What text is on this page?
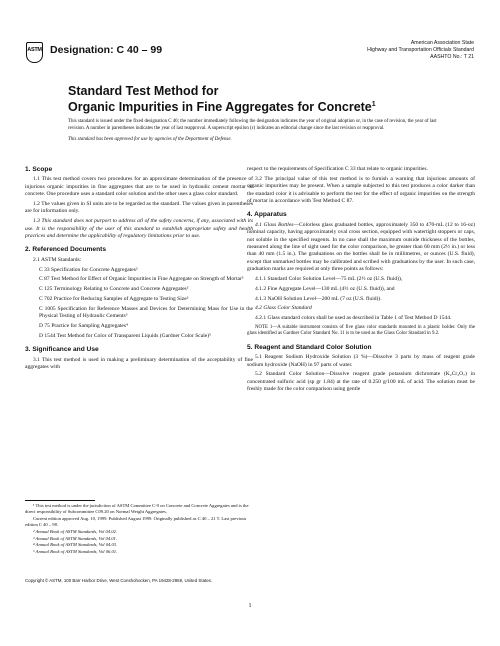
ASTM Designation: C 40 – 99
American Association State
Highway and Transportation Officials Standard
AASHTO No.: T 21
Standard Test Method for
Organic Impurities in Fine Aggregates for Concrete$^1$

This standard is issued under the fixed designation C 40; the number immediately following the designation indicates the year of original adoption or, in the case of revision, the year of last revision. A number in parentheses indicates the year of last reapproval. A superscript epsilon (ε) indicates an editorial change since the last revision or reapproval.

This standard has been approved for use by agencies of the Department of Defense.

1. Scope

1.1 This test method covers two procedures for an approximate determination of the presence of injurious organic impurities in fine aggregates that are to be used in hydraulic cement mortar or concrete. One procedure uses a standard color solution and the other uses a glass color standard.

1.2 The values given in SI units are to be regarded as the standard. The values given in parentheses are for information only.

1.3 This standard does not purport to address all of the safety concerns, if any, associated with its use. It is the responsibility of the user of this standard to establish appropriate safety and health practices and determine the applicability of regulatory limitations prior to use.

2. Referenced Documents

2.1 ASTM Standards:

C 33 Specification for Concrete Aggregates²

C 87 Test Method for Effect of Organic Impurities in Fine Aggregate on Strength of Mortar²

C 125 Terminology Relating to Concrete and Concrete Aggregates²

C 702 Practice for Reducing Samples of Aggregate to Testing Size²

C 1005 Specification for Reference Masses and Devices for Determining Mass for Use in the Physical Testing of Hydraulic Cements³

D 75 Practice for Sampling Aggregates⁴

D 1544 Test Method for Color of Transparent Liquids (Gardner Color Scale)⁵

3. Significance and Use

3.1 This test method is used in making a preliminary determination of the acceptability of fine aggregates with

¹ This test method is under the jurisdiction of ASTM Committee C-9 on Concrete and Concrete Aggregates and is the direct responsibility of Subcommittee C09.20 on Normal Weight Aggregates.

Current edition approved Aug. 10, 1999. Published August 1999. Originally published as C 40 – 21 T. Last previous edition C 40 – 98.

² Annual Book of ASTM Standards, Vol 04.02.

³ Annual Book of ASTM Standards, Vol 04.01.

⁴ Annual Book of ASTM Standards, Vol 04.03.

⁵ Annual Book of ASTM Standards, Vol 06.01.

respect to the requirements of Specification C 33 that relate to organic impurities.

3.2 The principal value of this test method is to furnish a warning that injurious amounts of organic impurities may be present. When a sample subjected to this test produces a color darker than the standard color it is advisable to perform the test for the effect of organic impurities on the strength of mortar in accordance with Test Method C 87.

4. Apparatus

4.1 Glass Bottles—Colorless glass graduated bottles, approximately 350 to 470-mL (12 to 16-oz) nominal capacity, having approximately oval cross section, equipped with watertight stoppers or caps, not soluble in the specified reagents. In no case shall the maximum outside thickness of the bottles, measured along the line of sight used for the color comparison, be greater than 60 mm (2½ in.) or less than 40 mm (1.5 in.). The graduations on the bottles shall be in millimetres, or ounces (U.S. fluid), except that unmarked bottles may be calibrated and scribed with graduations by the user. In such case, graduation marks are required at only three points as follows:

4.1.1 Standard Color Solution Level—75 mL (2½ oz (U.S. fluid)),

4.1.2 Fine Aggregate Level—130 mL (4½ oz (U.S. fluid)), and

4.1.3 NaOH Solution Level—200 mL (7 oz (U.S. fluid)).

4.2 Glass Color Standard

4.2.1 Glass standard colors shall be used as described in Table 1 of Test Method D 1544.

NOTE 1—A suitable instrument consists of five glass color standards mounted in a plastic holder. Only the glass identified as Gardner Color Standard No. 11 is to be used as the Glass Color Standard in 9.2.

5. Reagent and Standard Color Solution

5.1 Reagent Sodium Hydroxide Solution (3 %)—Dissolve 3 parts by mass of reagent grade sodium hydroxide (NaOH) in 97 parts of water.

5.2 Standard Color Solution—Dissolve reagent grade potassium dichromate (K₂Cr₂O₇) in concentrated sulfuric acid (sp gr 1.84) at the rate of 0.250 g/100 mL of acid. The solution must be freshly made for the color comparison using gentle

Copyright © ASTM, 100 Barr Harbor Drive, West Conshohocken, PA 19428-2959, United States.
1
